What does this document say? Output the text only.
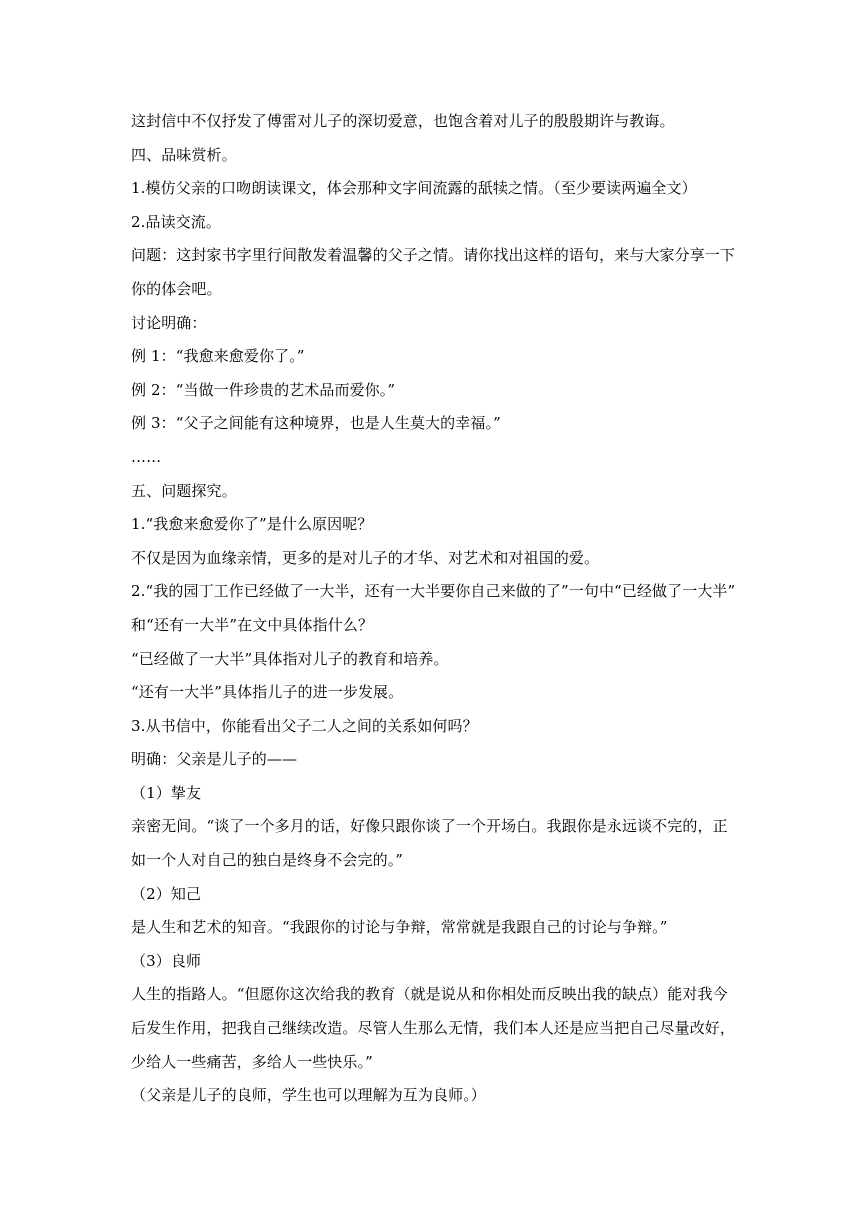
这封信中不仅抒发了傅雷对儿子的深切爱意，也饱含着对儿子的殷殷期许与教诲。
四、品味赏析。
1.模仿父亲的口吻朗读课文，体会那种文字间流露的舐犊之情。（至少要读两遍全文）
2.品读交流。
问题：这封家书字里行间散发着温馨的父子之情。请你找出这样的语句，来与大家分享一下
你的体会吧。
讨论明确：
例 1：“我愈来愈爱你了。”
例 2：“当做一件珍贵的艺术品而爱你。”
例 3：“父子之间能有这种境界，也是人生莫大的幸福。”
……
五、问题探究。
1.“我愈来愈爱你了”是什么原因呢？
不仅是因为血缘亲情，更多的是对儿子的才华、对艺术和对祖国的爱。
2.“我的园丁工作已经做了一大半，还有一大半要你自己来做的了”一句中“已经做了一大半”
和“还有一大半”在文中具体指什么？
“已经做了一大半”具体指对儿子的教育和培养。
“还有一大半”具体指儿子的进一步发展。
3.从书信中，你能看出父子二人之间的关系如何吗？
明确：父亲是儿子的——
（1）挚友
亲密无间。“谈了一个多月的话，好像只跟你谈了一个开场白。我跟你是永远谈不完的，正
如一个人对自己的独白是终身不会完的。”
（2）知己
是人生和艺术的知音。“我跟你的讨论与争辩，常常就是我跟自己的讨论与争辩。”
（3）良师
人生的指路人。“但愿你这次给我的教育（就是说从和你相处而反映出我的缺点）能对我今
后发生作用，把我自己继续改造。尽管人生那么无情，我们本人还是应当把自己尽量改好，
少给人一些痛苦，多给人一些快乐。”
（父亲是儿子的良师，学生也可以理解为互为良师。）
